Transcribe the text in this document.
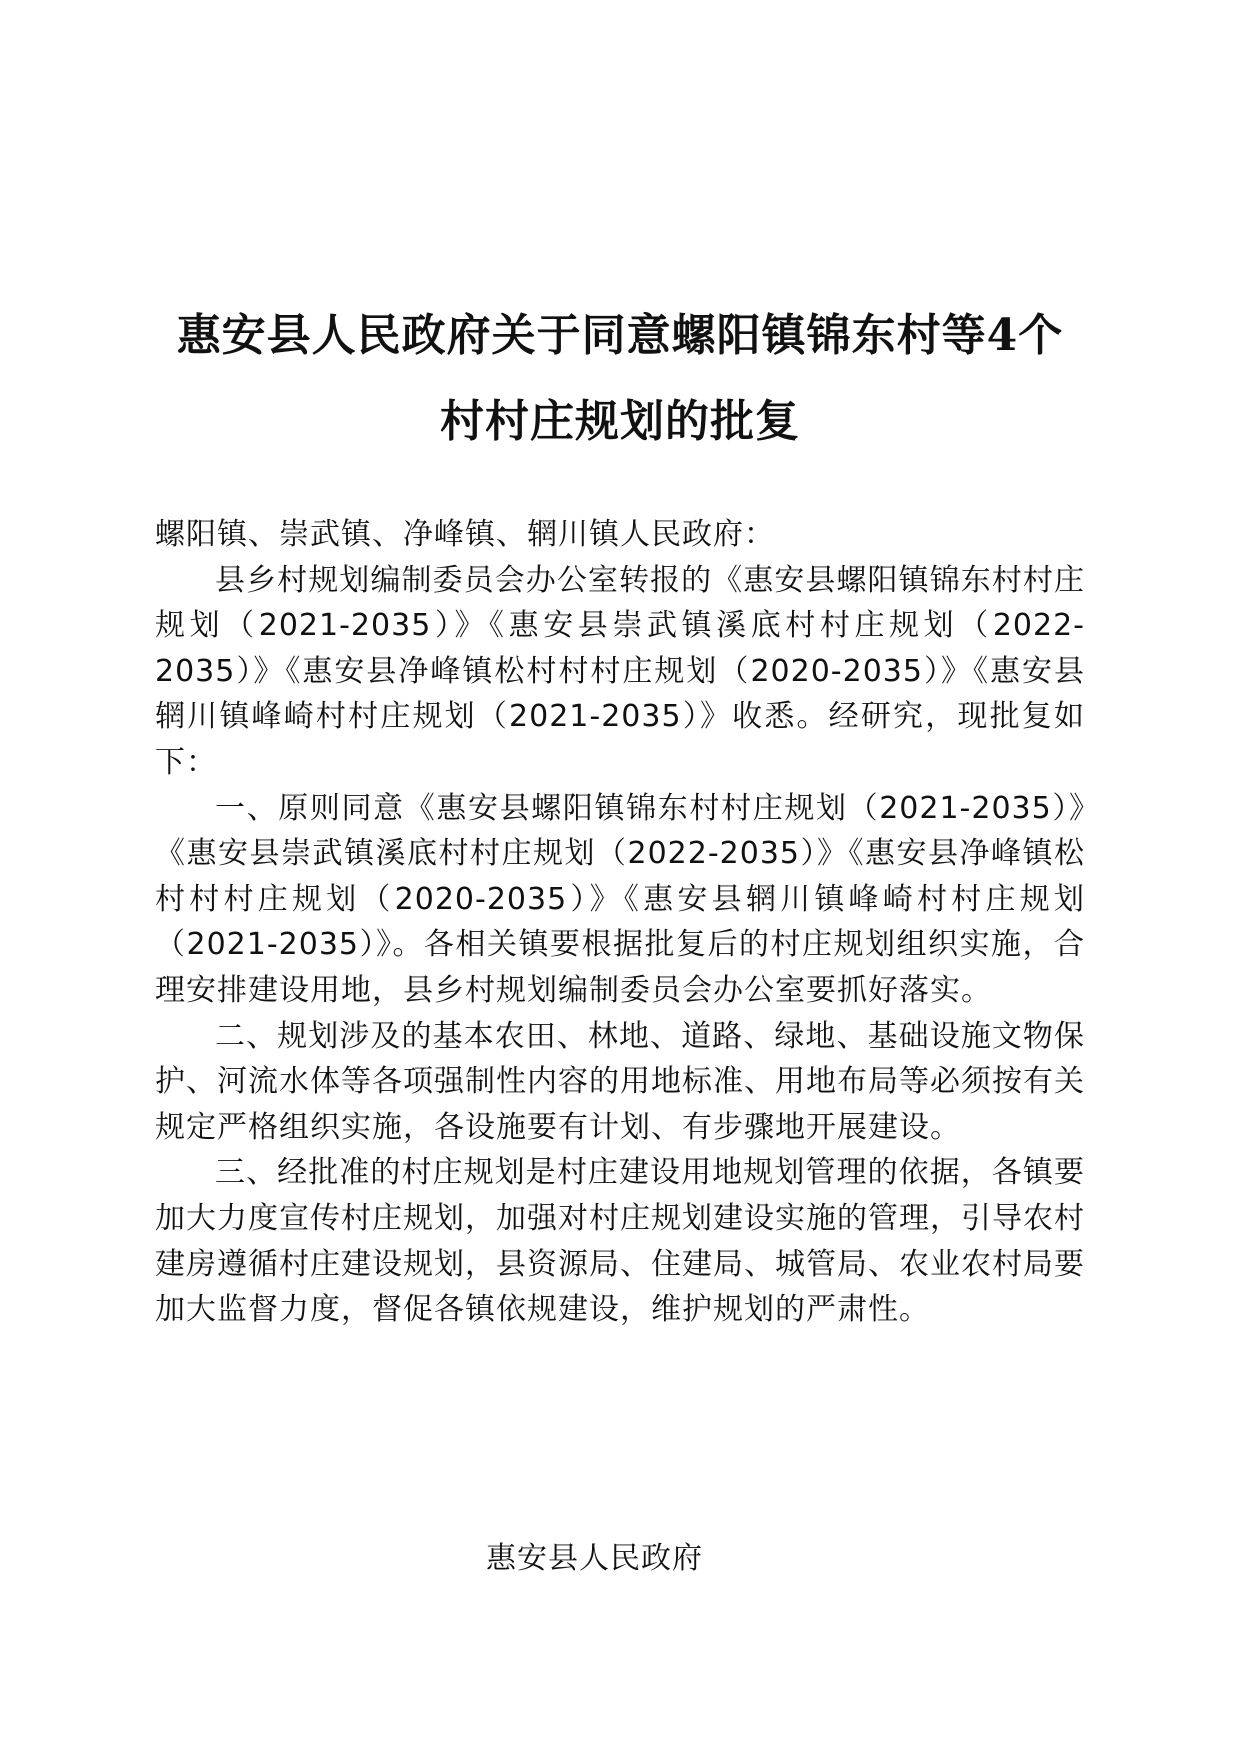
惠安县人民政府关于同意螺阳镇锦东村等4个
村村庄规划的批复

螺阳镇、崇武镇、净峰镇、辋川镇人民政府：

县乡村规划编制委员会办公室转报的《惠安县螺阳镇锦东村村庄规划（2021-2035）》《惠安县崇武镇溪底村村庄规划（2022-2035）》《惠安县净峰镇松村村村庄规划（2020-2035）》《惠安县辋川镇峰崎村村庄规划（2021-2035）》收悉。经研究，现批复如下：

一、原则同意《惠安县螺阳镇锦东村村庄规划（2021-2035）》《惠安县崇武镇溪底村村庄规划（2022-2035）》《惠安县净峰镇松村村村庄规划（2020-2035）》《惠安县辋川镇峰崎村村庄规划（2021-2035）》。各相关镇要根据批复后的村庄规划组织实施，合理安排建设用地，县乡村规划编制委员会办公室要抓好落实。

二、规划涉及的基本农田、林地、道路、绿地、基础设施文物保护、河流水体等各项强制性内容的用地标准、用地布局等必须按有关规定严格组织实施，各设施要有计划、有步骤地开展建设。

三、经批准的村庄规划是村庄建设用地规划管理的依据，各镇要加大力度宣传村庄规划，加强对村庄规划建设实施的管理，引导农村建房遵循村庄建设规划，县资源局、住建局、城管局、农业农村局要加大监督力度，督促各镇依规建设，维护规划的严肃性。

惠安县人民政府
